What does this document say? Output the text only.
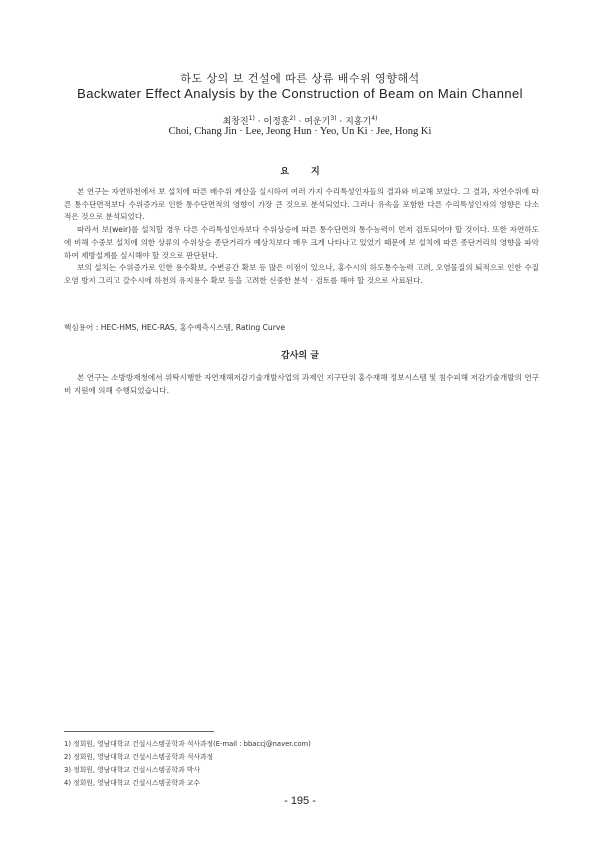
하도 상의 보 건설에 따른 상류 배수위 영향해석
Backwater Effect Analysis by the Construction of Beam on Main Channel
최창진$^{1)}$ · 이정훈$^{2)}$ · 여운기$^{3)}$ · 지홍기$^{4)}$
Choi, Chang Jin · Lee, Jeong Hun · Yeo, Un Ki · Jee, Hong Ki
요지

본 연구는 자연하천에서 보 설치에 따른 배수위 계산을 실시하여 여러 가지 수리특성인자들의 결과와 비교해 보았다. 그 결과, 자연수위에 따른 통수단면적보다 수위증가로 인한 통수단면적의 영향이 가장 큰 것으로 분석되었다. 그러나 유속을 포함한 다른 수리특성인자의 영향은 다소 적은 것으로 분석되었다.

따라서 보(weir)를 설치할 경우 다른 수리특성인자보다 수위상승에 따른 통수단면의 통수능력이 먼저 검토되어야 할 것이다. 또한 자연하도에 비해 수중보 설치에 의한 상류의 수위상승 종단거리가 예상치보다 매우 크게 나타나고 있었기 때문에 보 설치에 따른 종단거리의 영향을 파악하여 제방설계를 실시해야 할 것으로 판단된다.

보의 설치는 수위증가로 인한 용수확보, 수변공간 확보 등 많은 이점이 있으나, 홍수시의 하도통수능력 고려, 오염물질의 퇴적으로 인한 수질오염 방지 그리고 갈수시에 하천의 유지용수 확보 등을 고려한 신중한 분석 · 검토를 해야 할 것으로 사료된다.

핵심용어 : HEC-HMS, HEC-RAS, 홍수예측시스템, Rating Curve
감사의 글

본 연구는 소방방재청에서 위탁시행한 자연재해저감기술개발사업의 과제인 지구단위 홍수재해 정보시스템 및 침수피해 저감기술개발의 연구비 지원에 의해 수행되었습니다.

1) 정회원, 영남대학교 건설시스템공학과 석사과정(E-mail : bbaccj@naver.com)
2) 정회원, 영남대학교 건설시스템공학과 석사과정
3) 정회원, 영남대학교 건설시스템공학과 박사
4) 정회원, 영남대학교 건설시스템공학과 교수
- 195 -
